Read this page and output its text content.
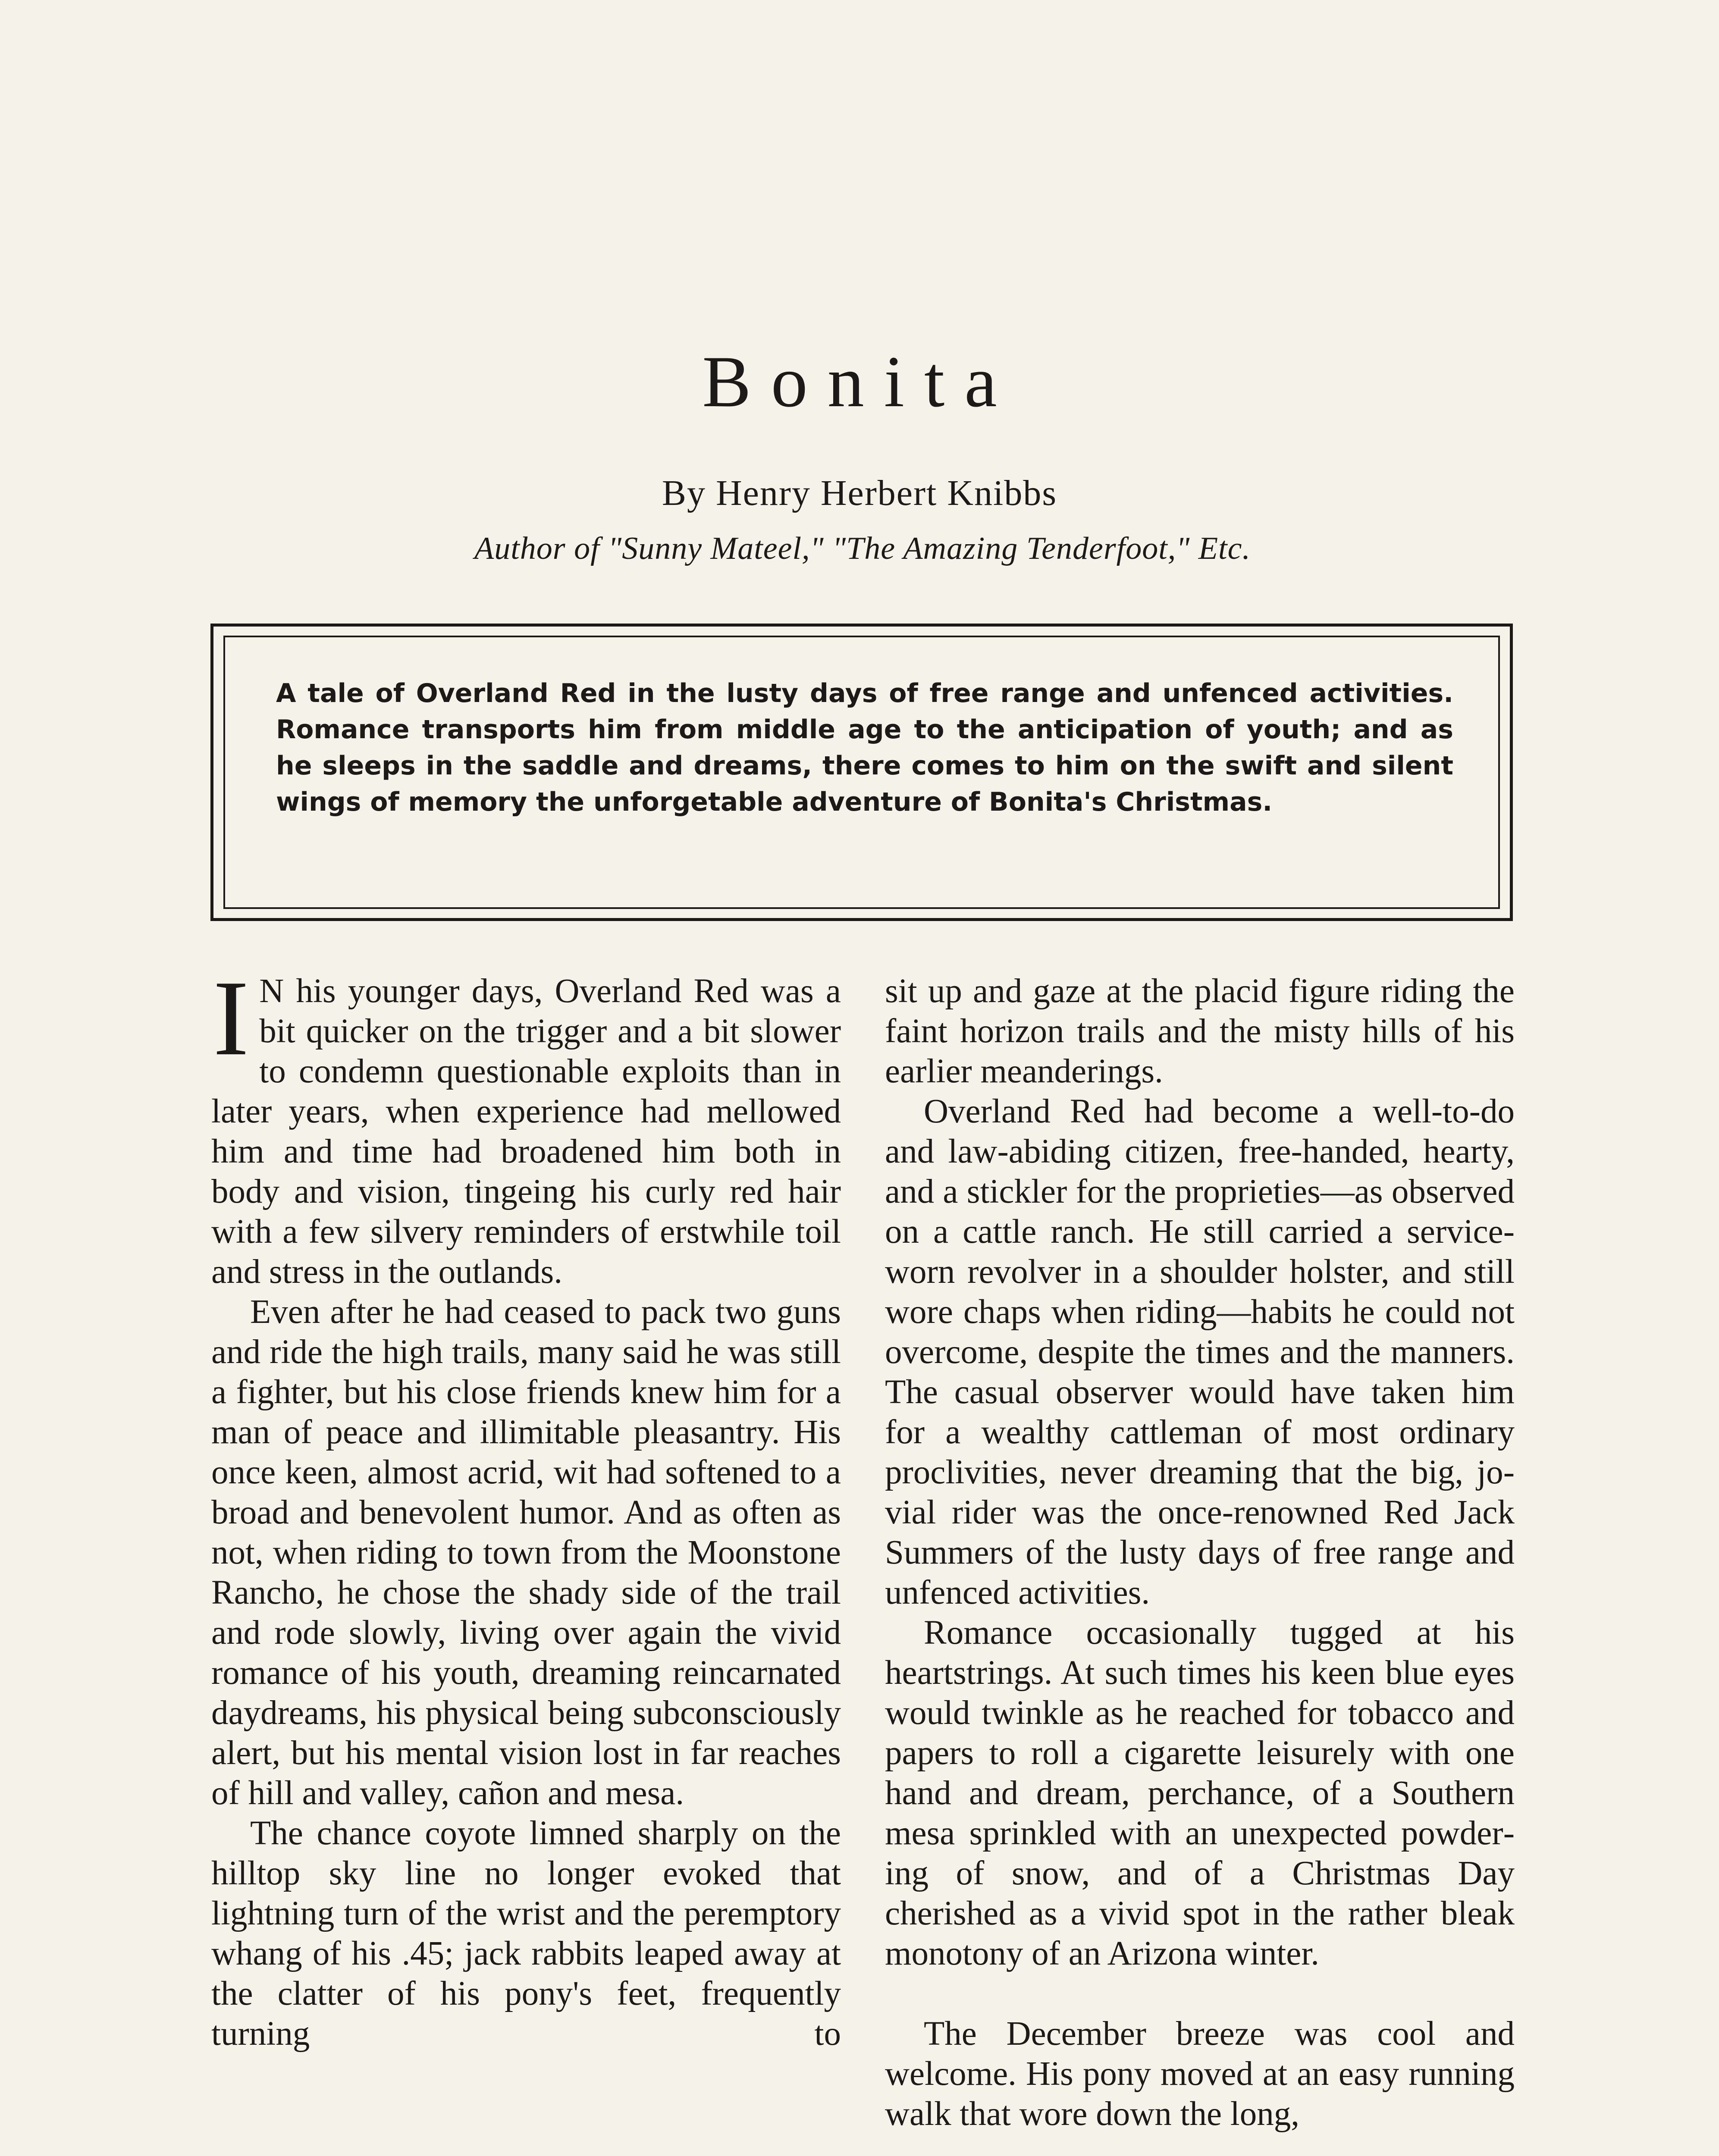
Bonita
By Henry Herbert Knibbs
Author of "Sunny Mateel," "The Amazing Tenderfoot," Etc.
A tale of Overland Red in the lusty days of free range and unfenced activities. Romance transports him from middle age to the anticipation of youth; and as he sleeps in the saddle and dreams, there comes to him on the swift and silent wings of memory the unforgetable adventure of Bonita's Christmas.

I N his younger days, Overland Red was a bit quicker on the trigger and a bit slower to condemn questionable exploits than in later years, when experience had mellowed him and time had broadened him both in body and vision, tingeing his curly red hair with a few silvery reminders of erstwhile toil and stress in the outlands.

Even after he had ceased to pack two guns and ride the high trails, many said he was still a fighter, but his close friends knew him for a man of peace and illimitable pleasantry. His once keen, almost acrid, wit had softened to a broad and benevolent humor. And as often as not, when riding to town from the Moonstone Rancho, he chose the shady side of the trail and rode slowly, living over again the vivid romance of his youth, dreaming reincarnated daydreams, his physical being subconsciously alert, but his mental vision lost in far reaches of hill and valley, cañon and mesa.

The chance coyote limned sharply on the hilltop sky line no longer evoked that lightning turn of the wrist and the peremptory whang of his .45; jack rabbits leaped away at the clatter of his pony's feet, frequently turning to

sit up and gaze at the placid figure riding the faint horizon trails and the misty hills of his earlier meanderings.

Overland Red had become a well-to-do and law-abiding citizen, free-handed, hearty, and a stickler for the proprieties—as observed on a cattle ranch. He still carried a service-worn revolver in a shoulder holster, and still wore chaps when riding—habits he could not overcome, despite the times and the manners. The casual observer would have taken him for a wealthy cattleman of most ordinary proclivities, never dreaming that the big, jovial rider was the once-renowned Red Jack Summers of the lusty days of free range and unfenced activities.

Romance occasionally tugged at his heartstrings. At such times his keen blue eyes would twinkle as he reached for tobacco and papers to roll a cigarette leisurely with one hand and dream, perchance, of a Southern mesa sprinkled with an unexpected powdering of snow, and of a Christmas Day cherished as a vivid spot in the rather bleak monotony of an Arizona winter.

The December breeze was cool and welcome. His pony moved at an easy running walk that wore down the long,
